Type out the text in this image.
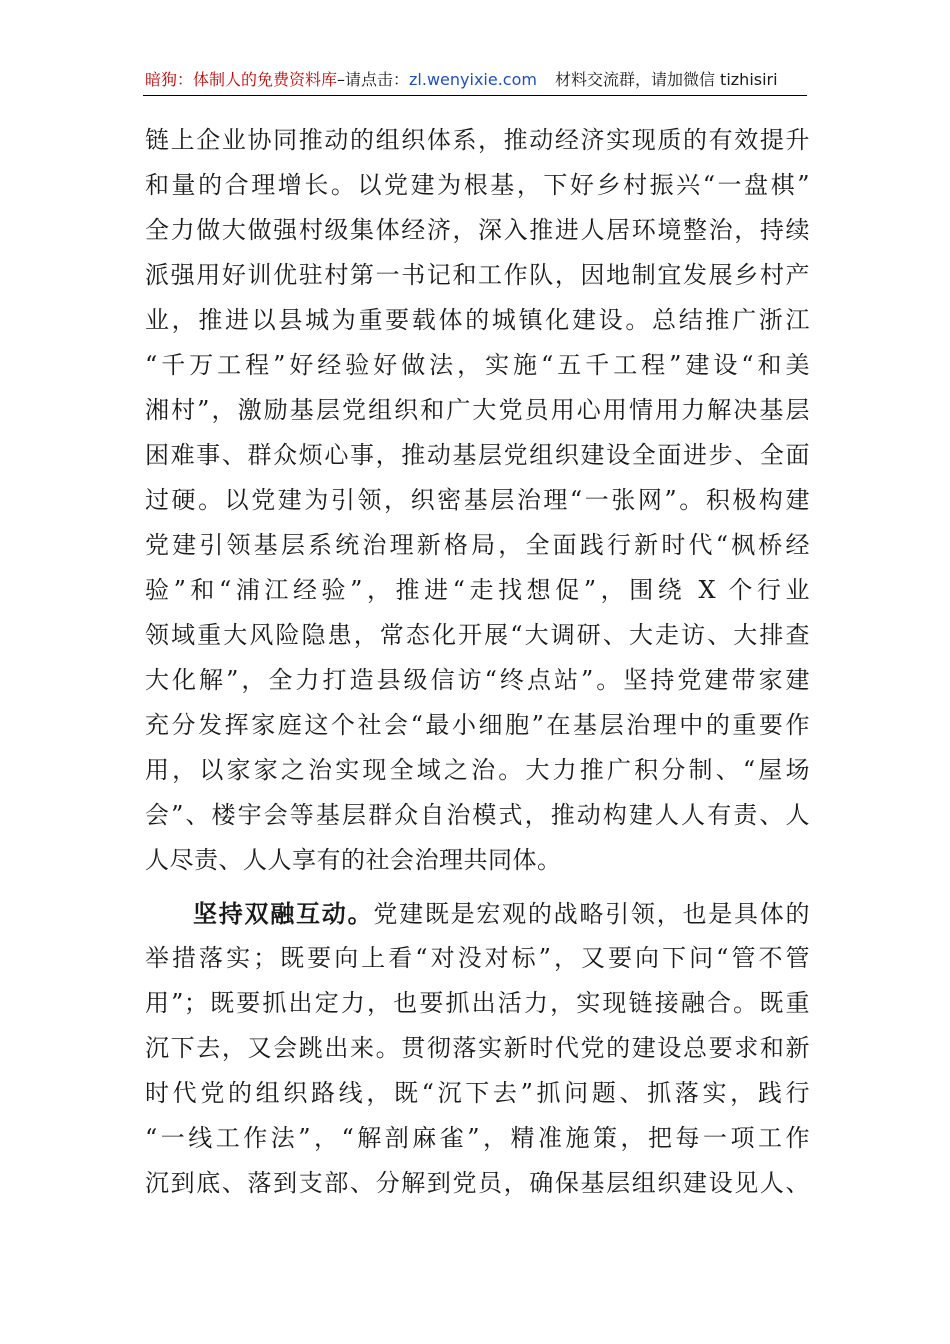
暗狗：体制人的免费资料库–请点击：zl.wenyixie.com 材料交流群，请加微信 tizhisiri
链上企业协同推动的组织体系，推动经济实现质的有效提升
和量的合理增长。以党建为根基，下好乡村振兴“一盘棋”
全力做大做强村级集体经济，深入推进人居环境整治，持续
派强用好训优驻村第一书记和工作队，因地制宜发展乡村产
业，推进以县城为重要载体的城镇化建设。总结推广浙江
“千万工程”好经验好做法，实施“五千工程”建设“和美
湘村”，激励基层党组织和广大党员用心用情用力解决基层
困难事、群众烦心事，推动基层党组织建设全面进步、全面
过硬。以党建为引领，织密基层治理“一张网”。积极构建
党建引领基层系统治理新格局，全面践行新时代“枫桥经
验”和“浦江经验”，推进“走找想促”，围绕 X 个行业
领域重大风险隐患，常态化开展“大调研、大走访、大排查
大化解”，全力打造县级信访“终点站”。坚持党建带家建
充分发挥家庭这个社会“最小细胞”在基层治理中的重要作
用，以家家之治实现全域之治。大力推广积分制、“屋场
会”、楼宇会等基层群众自治模式，推动构建人人有责、人
人尽责、人人享有的社会治理共同体。
坚持双融互动。党建既是宏观的战略引领，也是具体的
举措落实；既要向上看“对没对标”，又要向下问“管不管
用”；既要抓出定力，也要抓出活力，实现链接融合。既重
沉下去，又会跳出来。贯彻落实新时代党的建设总要求和新
时代党的组织路线，既“沉下去”抓问题、抓落实，践行
“一线工作法”，“解剖麻雀”，精准施策，把每一项工作
沉到底、落到支部、分解到党员，确保基层组织建设见人、
